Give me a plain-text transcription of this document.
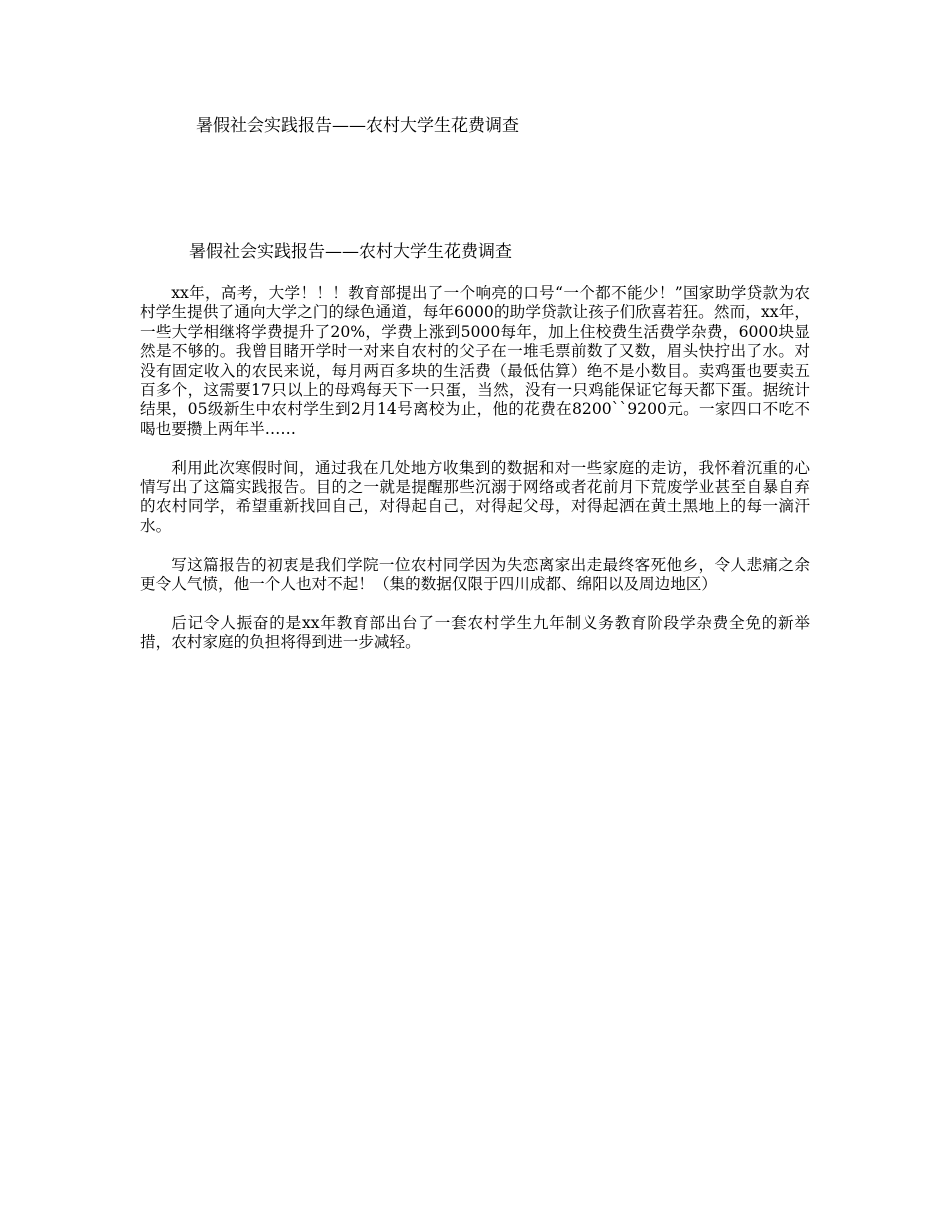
暑假社会实践报告——农村大学生花费调查
暑假社会实践报告——农村大学生花费调查

xx年，高考，大学！！！教育部提出了一个响亮的口号“一个都不能少！”国家助学贷款为农村学生提供了通向大学之门的绿色通道，每年6000的助学贷款让孩子们欣喜若狂。然而，xx年，一些大学相继将学费提升了20%，学费上涨到5000每年，加上住校费生活费学杂费，6000块显然是不够的。我曾目睹开学时一对来自农村的父子在一堆毛票前数了又数，眉头快拧出了水。对没有固定收入的农民来说，每月两百多块的生活费（最低估算）绝不是小数目。卖鸡蛋也要卖五百多个，这需要17只以上的母鸡每天下一只蛋，当然，没有一只鸡能保证它每天都下蛋。据统计结果，05级新生中农村学生到2月14号离校为止，他的花费在8200``9200元。一家四口不吃不喝也要攒上两年半……

利用此次寒假时间，通过我在几处地方收集到的数据和对一些家庭的走访，我怀着沉重的心情写出了这篇实践报告。目的之一就是提醒那些沉溺于网络或者花前月下荒废学业甚至自暴自弃的农村同学，希望重新找回自己，对得起自己，对得起父母，对得起洒在黄土黑地上的每一滴汗水。

写这篇报告的初衷是我们学院一位农村同学因为失恋离家出走最终客死他乡，令人悲痛之余更令人气愤，他一个人也对不起！（集的数据仅限于四川成都、绵阳以及周边地区）

后记令人振奋的是xx年教育部出台了一套农村学生九年制义务教育阶段学杂费全免的新举措，农村家庭的负担将得到进一步减轻。
